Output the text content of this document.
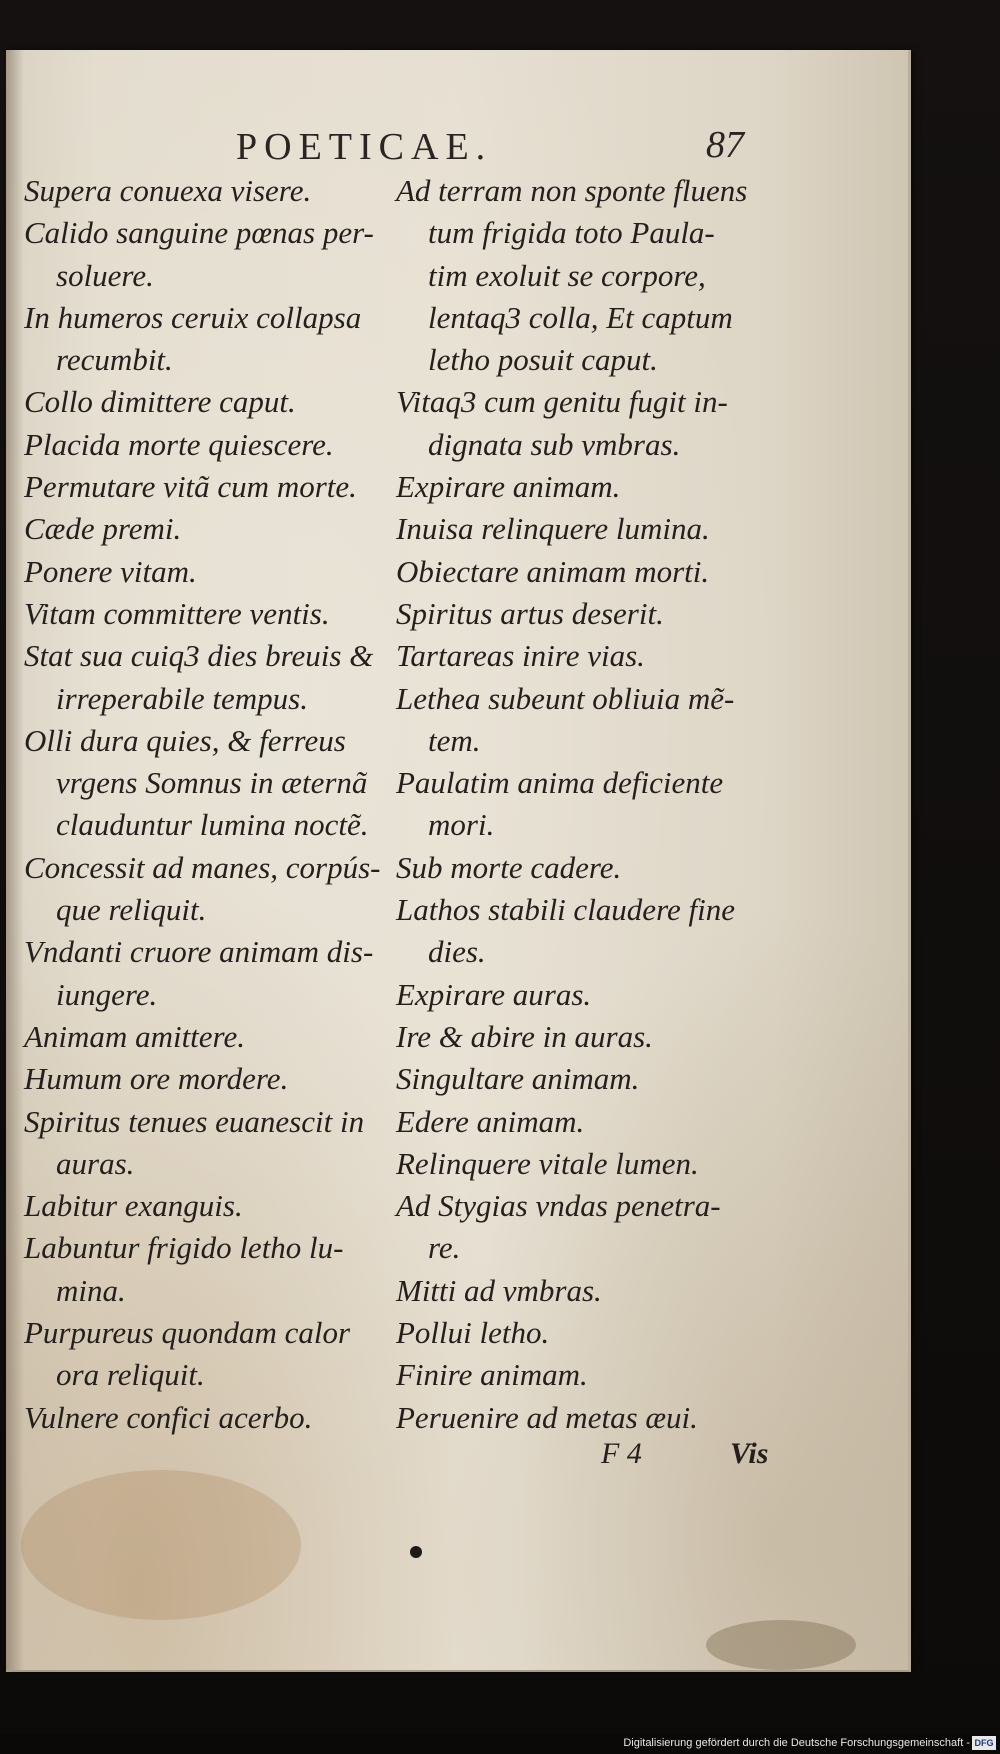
POETICAE.	87
Supera conuexa visere.
Calido sanguine pœnas per-
soluere.
In humeros ceruix collapsa
recumbit.
Collo dimittere caput.
Placida morte quiescere.
Permutare vitã cum morte.
Cæde premi.
Ponere vitam.
Vitam committere ventis.
Stat sua cuiq3 dies breuis &
irreperabile tempus.
Olli dura quies, & ferreus
vrgens Somnus in æternã
clauduntur lumina noctẽ.
Concessit ad manes, corpús-
que reliquit.
Vndanti cruore animam dis-
iungere.
Animam amittere.
Humum ore mordere.
Spiritus tenues euanescit in
auras.
Labitur exanguis.
Labuntur frigido letho lu-
mina.
Purpureus quondam calor
ora reliquit.
Vulnere confici acerbo.
Ad terram non sponte fluens
tum frigida toto Paula-
tim exoluit se corpore,
lentaq3 colla, Et captum
letho posuit caput.
Vitaq3 cum genitu fugit in-
dignata sub vmbras.
Expirare animam.
Inuisa relinquere lumina.
Obiectare animam morti.
Spiritus artus deserit.
Tartareas inire vias.
Lethea subeunt obliuia mẽ-
tem.
Paulatim anima deficiente
mori.
Sub morte cadere.
Lathos stabili claudere fine
dies.
Expirare auras.
Ire & abire in auras.
Singultare animam.
Edere animam.
Relinquere vitale lumen.
Ad Stygias vndas penetra-
re.
Mitti ad vmbras.
Pollui letho.
Finire animam.
Peruenire ad metas æui.
F 4	Vis
Digitalisierung gefördert durch die Deutsche Forschungsgemeinschaft - DFG
